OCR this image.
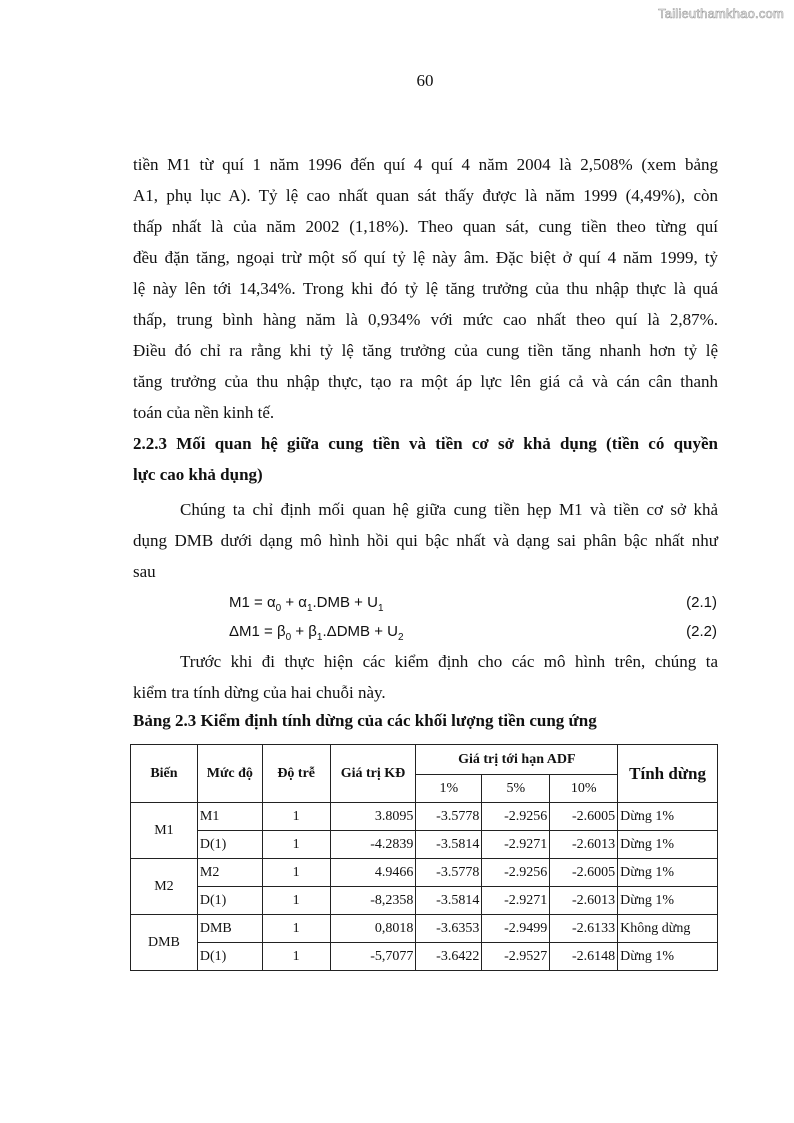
Tailieuthamkhao.com
60
tiền M1 từ quí 1 năm 1996 đến quí 4 quí 4 năm 2004 là 2,508% (xem bảng
A1, phụ lục A). Tỷ lệ cao nhất quan sát thấy được là năm 1999 (4,49%), còn
thấp nhất là của năm 2002 (1,18%). Theo quan sát, cung tiền theo từng quí
đều đặn tăng, ngoại trừ một số quí tỷ lệ này âm. Đặc biệt ở quí 4 năm 1999, tỷ
lệ này lên tới 14,34%. Trong khi đó tỷ lệ tăng trưởng của thu nhập thực là quá
thấp, trung bình hàng năm là 0,934% với mức cao nhất theo quí là 2,87%.
Điều đó chỉ ra rằng khi tỷ lệ tăng trưởng của cung tiền tăng nhanh hơn tỷ lệ
tăng trưởng của thu nhập thực, tạo ra một áp lực lên giá cả và cán cân thanh
toán của nền kinh tế.
2.2.3 Mối quan hệ giữa cung tiền và tiền cơ sở khả dụng (tiền có quyền
lực cao khả dụng)
Chúng ta chỉ định mối quan hệ giữa cung tiền hẹp M1 và tiền cơ sở khả
dụng DMB dưới dạng mô hình hồi qui bậc nhất và dạng sai phân bậc nhất như
sau
$M1 = \alpha_0 + \alpha_1.DMB + U_1$	(2.1)
$\Delta M1 = \beta_0 + \beta_1.\Delta DMB + U_2$	(2.2)
Trước khi đi thực hiện các kiểm định cho các mô hình trên, chúng ta
kiểm tra tính dừng của hai chuỗi này.
Bảng 2.3 Kiểm định tính dừng của các khối lượng tiền cung ứng
Biến	Mức độ	Độ trễ	Giá trị KĐ	Giá trị tới hạn ADF			Tính dừng
				1%	5%	10%	
M1	M1	1	3.8095	-3.5778	-2.9256	-2.6005	Dừng 1%
	D(1)	1	-4.2839	-3.5814	-2.9271	-2.6013	Dừng 1%
M2	M2	1	4.9466	-3.5778	-2.9256	-2.6005	Dừng 1%
	D(1)	1	-8,2358	-3.5814	-2.9271	-2.6013	Dừng 1%
DMB	DMB	1	0,8018	-3.6353	-2.9499	-2.6133	Không dừng
	D(1)	1	-5,7077	-3.6422	-2.9527	-2.6148	Dừng 1%
